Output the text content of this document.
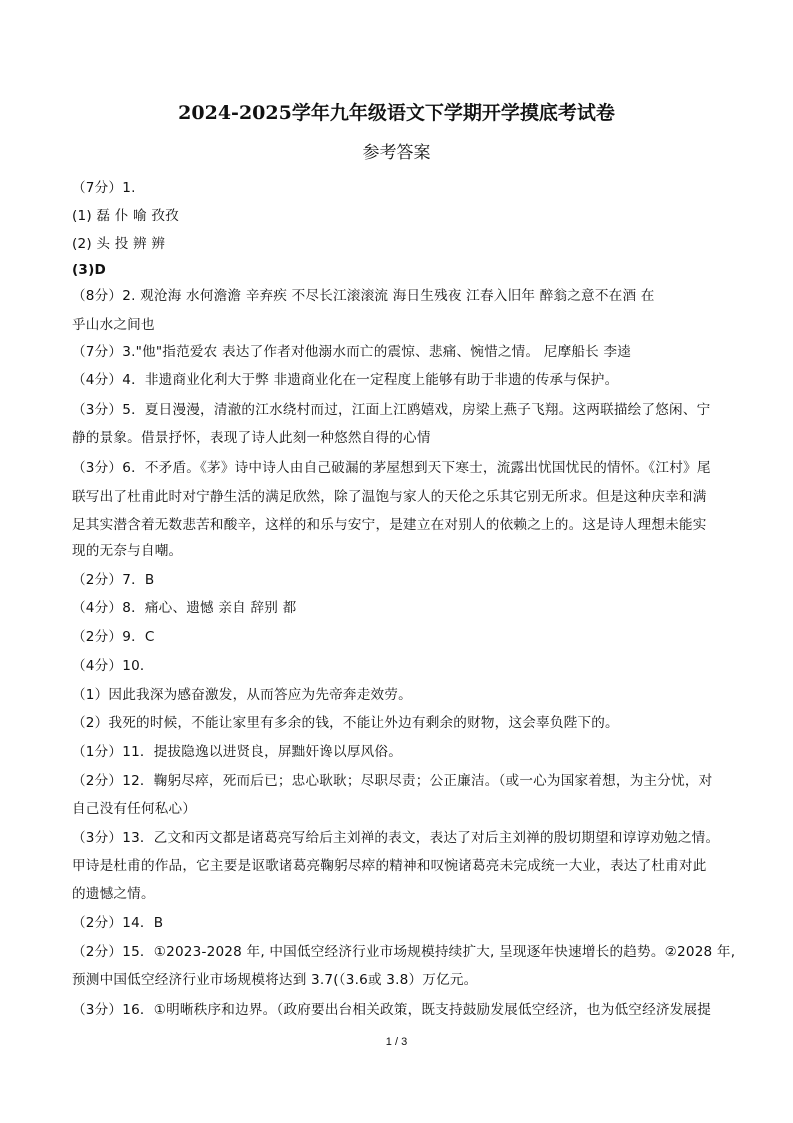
2024-2025学年九年级语文下学期开学摸底考试卷
参考答案
（7分）1.
(1) 磊 仆 喻 孜孜
(2) 头 投 辨 辨
(3)D
（8分）2. 观沧海 水何澹澹 辛弃疾 不尽长江滚滚流 海日生残夜 江春入旧年 醉翁之意不在酒 在
乎山水之间也
（7分）3."他"指范爱农 表达了作者对他溺水而亡的震惊、悲痛、惋惜之情。 尼摩船长 李逵
（4分）4．非遗商业化利大于弊 非遗商业化在一定程度上能够有助于非遗的传承与保护。
（3分）5．夏日漫漫，清澈的江水绕村而过，江面上江鸥嬉戏，房梁上燕子飞翔。这两联描绘了悠闲、宁
静的景象。借景抒怀，表现了诗人此刻一种悠然自得的心情
（3分）6．不矛盾。《茅》诗中诗人由自己破漏的茅屋想到天下寒士，流露出忧国忧民的情怀。《江村》尾
联写出了杜甫此时对宁静生活的满足欣然，除了温饱与家人的天伦之乐其它别无所求。但是这种庆幸和满
足其实潜含着无数悲苦和酸辛，这样的和乐与安宁，是建立在对别人的依赖之上的。这是诗人理想未能实
现的无奈与自嘲。
（2分）7．B
（4分）8．痛心、遗憾 亲自 辞别 都
（2分）9．C
（4分）10．
（1）因此我深为感奋激发，从而答应为先帝奔走效劳。
（2）我死的时候，不能让家里有多余的钱，不能让外边有剩余的财物，这会辜负陛下的。
（1分）11．提拔隐逸以进贤良，屏黜奸谗以厚风俗。
（2分）12．鞠躬尽瘁，死而后已；忠心耿耿；尽职尽责；公正廉洁。（或一心为国家着想，为主分忧，对
自己没有任何私心）
（3分）13．乙文和丙文都是诸葛亮写给后主刘禅的表文，表达了对后主刘禅的殷切期望和谆谆劝勉之情。
甲诗是杜甫的作品，它主要是讴歌诸葛亮鞠躬尽瘁的精神和叹惋诸葛亮未完成统一大业，表达了杜甫对此
的遗憾之情。
（2分）14．B
（2分）15．①2023-2028 年, 中国低空经济行业市场规模持续扩大, 呈现逐年快速增长的趋势。②2028 年,
预测中国低空经济行业市场规模将达到 3.7(（3.6或 3.8）万亿元。
（3分）16．①明晰秩序和边界。（政府要出台相关政策，既支持鼓励发展低空经济，也为低空经济发展提
1 / 3
